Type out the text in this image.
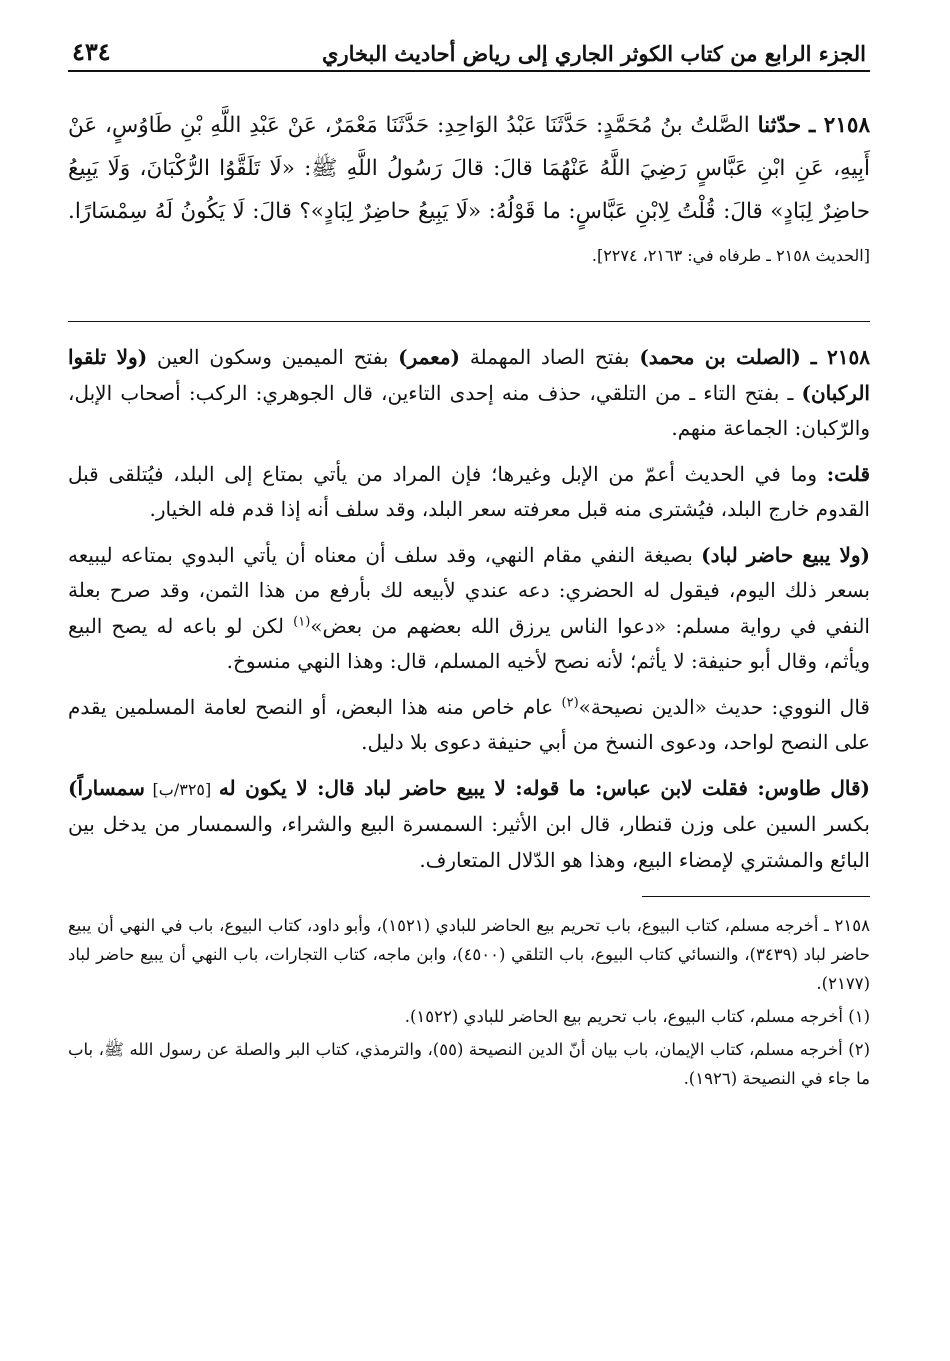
الجزء الرابع من كتاب الكوثر الجاري إلى رياض أحاديث البخاري
٤٣٤

٢١٥٨ ـ حدّثنا الصَّلتُ بنُ مُحَمَّدٍ: حَدَّثَنَا عَبْدُ الوَاحِدِ: حَدَّثَنَا مَعْمَرٌ، عَنْ عَبْدِ اللَّهِ بْنِ طَاوُسٍ، عَنْ أَبِيهِ، عَنِ ابْنِ عَبَّاسٍ رَضِيَ اللَّهُ عَنْهُمَا قالَ: قالَ رَسُولُ اللَّهِ ﷺ: «لَا تَلَقَّوُا الرُّكْبَانَ، وَلَا يَبِيعُ حاضِرٌ لِبَادٍ» قالَ: قُلْتُ لِابْنِ عَبَّاسٍ: ما قَوْلُهُ: «لَا يَبِيعُ حاضِرٌ لِبَادٍ»؟ قالَ: لَا يَكُونُ لَهُ سِمْسَارًا. [الحديث ٢١٥٨ ـ طرفاه في: ٢١٦٣، ٢٢٧٤].

٢١٥٨ ـ (الصلت بن محمد) بفتح الصاد المهملة (معمر) بفتح الميمين وسكون العين (ولا تلقوا الركبان) ـ بفتح التاء ـ من التلقي، حذف منه إحدى التاءين، قال الجوهري: الركب: أصحاب الإبل، والرّكبان: الجماعة منهم.

قلت: وما في الحديث أعمّ من الإبل وغيرها؛ فإن المراد من يأتي بمتاع إلى البلد، فيُتلقى قبل القدوم خارج البلد، فيُشترى منه قبل معرفته سعر البلد، وقد سلف أنه إذا قدم فله الخيار.

(ولا يبيع حاضر لباد) بصيغة النفي مقام النهي، وقد سلف أن معناه أن يأتي البدوي بمتاعه ليبيعه بسعر ذلك اليوم، فيقول له الحضري: دعه عندي لأبيعه لك بأرفع من هذا الثمن، وقد صرح بعلة النفي في رواية مسلم: «دعوا الناس يرزق الله بعضهم من بعض»$^{(١)}$ لكن لو باعه له يصح البيع ويأثم، وقال أبو حنيفة: لا يأثم؛ لأنه نصح لأخيه المسلم، قال: وهذا النهي منسوخ.

قال النووي: حديث «الدين نصيحة»$^{(٢)}$ عام خاص منه هذا البعض، أو النصح لعامة المسلمين يقدم على النصح لواحد، ودعوى النسخ من أبي حنيفة دعوى بلا دليل.

(قال طاوس: فقلت لابن عباس: ما قوله: لا يبيع حاضر لباد قال: لا يكون له [٣٢٥/ب] سمساراً) بكسر السين على وزن قنطار، قال ابن الأثير: السمسرة البيع والشراء، والسمسار من يدخل بين البائع والمشتري لإمضاء البيع، وهذا هو الدّلال المتعارف.

٢١٥٨ ـ أخرجه مسلم، كتاب البيوع، باب تحريم بيع الحاضر للبادي (١٥٢١)، وأبو داود، كتاب البيوع، باب في النهي أن يبيع حاضر لباد (٣٤٣٩)، والنسائي كتاب البيوع، باب التلقي (٤٥٠٠)، وابن ماجه، كتاب التجارات، باب النهي أن يبيع حاضر لباد (٢١٧٧).

(١) أخرجه مسلم، كتاب البيوع، باب تحريم بيع الحاضر للبادي (١٥٢٢).

(٢) أخرجه مسلم، كتاب الإيمان، باب بيان أنّ الدين النصيحة (٥٥)، والترمذي، كتاب البر والصلة عن رسول الله ﷺ، باب ما جاء في النصيحة (١٩٢٦).
